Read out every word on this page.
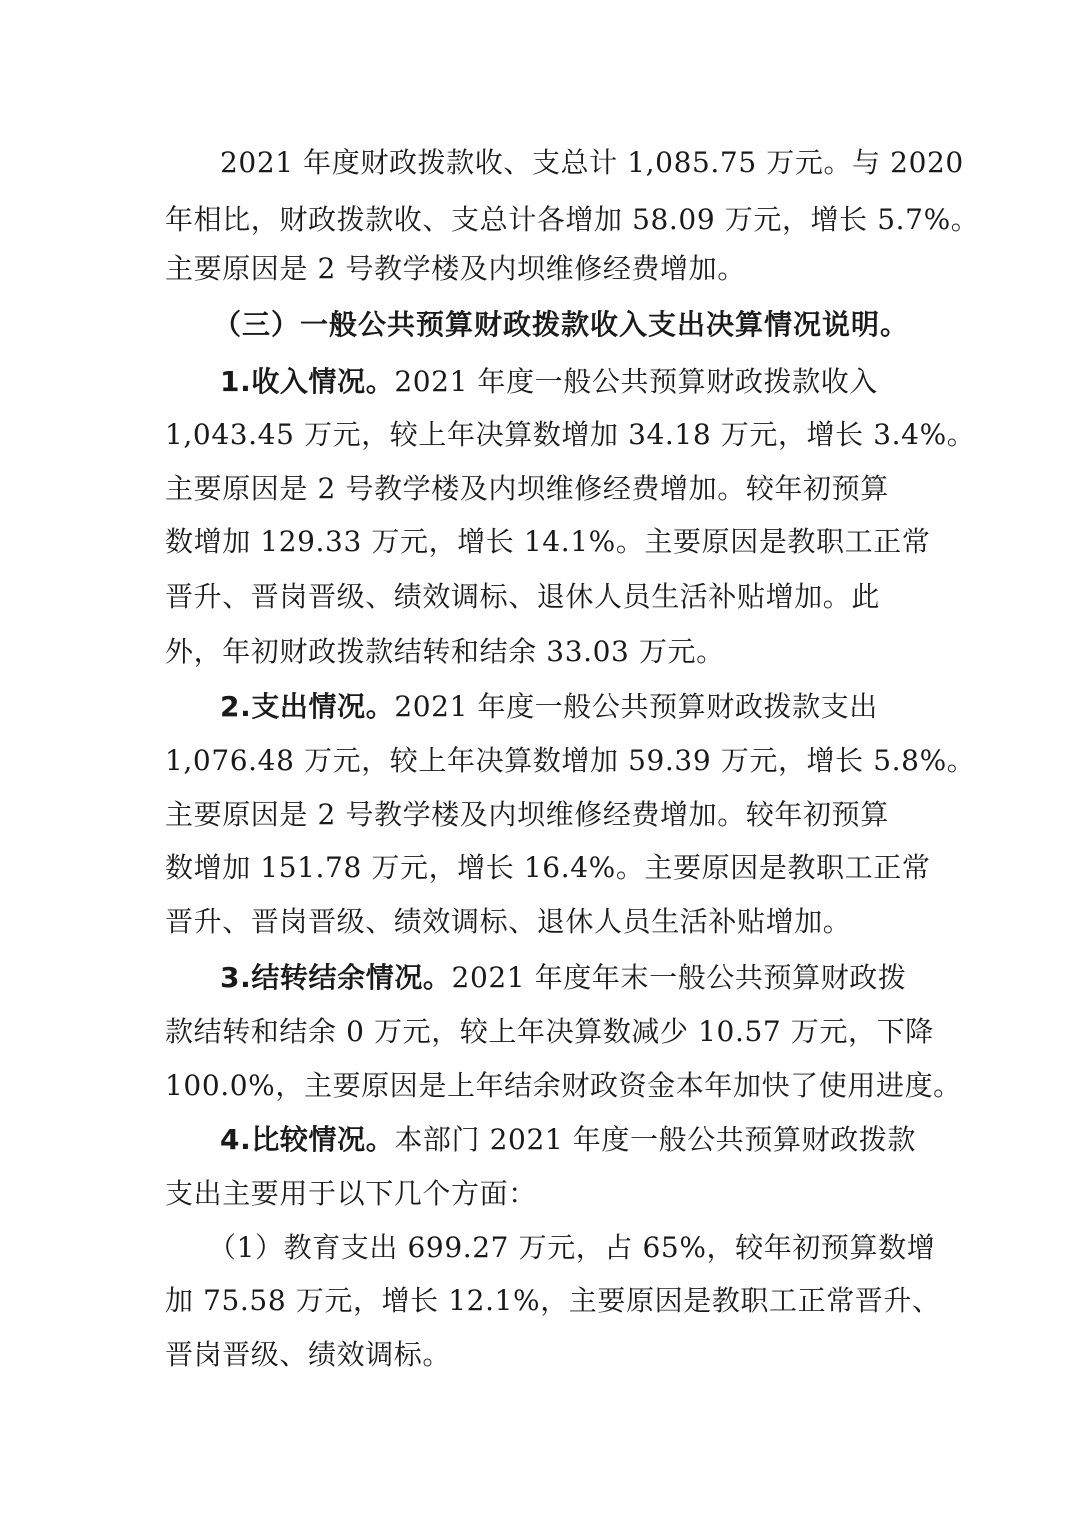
2021 年度财政拨款收、支总计 1,085.75 万元。与 2020
年相比，财政拨款收、支总计各增加 58.09 万元，增长 5.7%。
主要原因是 2 号教学楼及内坝维修经费增加。
（三）一般公共预算财政拨款收入支出决算情况说明。
1.收入情况。2021 年度一般公共预算财政拨款收入
1,043.45 万元，较上年决算数增加 34.18 万元，增长 3.4%。
主要原因是 2 号教学楼及内坝维修经费增加。较年初预算
数增加 129.33 万元，增长 14.1%。主要原因是教职工正常
晋升、晋岗晋级、绩效调标、退休人员生活补贴增加。此
外，年初财政拨款结转和结余 33.03 万元。
2.支出情况。2021 年度一般公共预算财政拨款支出
1,076.48 万元，较上年决算数增加 59.39 万元，增长 5.8%。
主要原因是 2 号教学楼及内坝维修经费增加。较年初预算
数增加 151.78 万元，增长 16.4%。主要原因是教职工正常
晋升、晋岗晋级、绩效调标、退休人员生活补贴增加。
3.结转结余情况。2021 年度年末一般公共预算财政拨
款结转和结余 0 万元，较上年决算数减少 10.57 万元，下降
100.0%，主要原因是上年结余财政资金本年加快了使用进度。
4.比较情况。本部门 2021 年度一般公共预算财政拨款
支出主要用于以下几个方面：
（1）教育支出 699.27 万元，占 65%，较年初预算数增
加 75.58 万元，增长 12.1%，主要原因是教职工正常晋升、
晋岗晋级、绩效调标。
